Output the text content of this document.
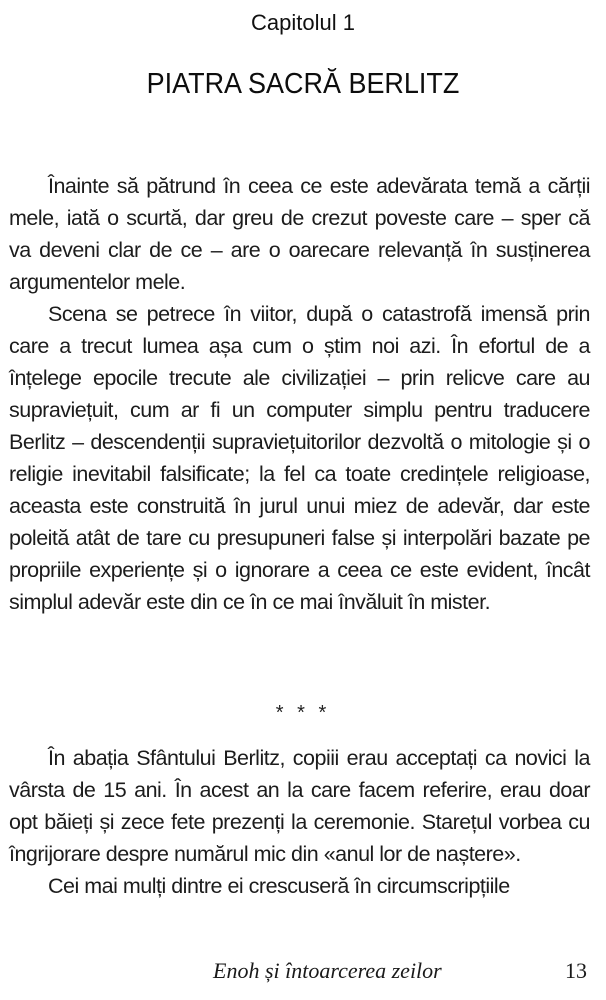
Capitolul 1
PIATRA SACRĂ BERLITZ

Înainte să pătrund în ceea ce este adevărata temă a cărții mele, iată o scurtă, dar greu de crezut poveste care – sper că va deveni clar de ce – are o oarecare relevanță în susținerea argumentelor mele.

Scena se petrece în viitor, după o catastrofă imensă prin care a trecut lumea așa cum o știm noi azi. În efortul de a înțelege epocile trecute ale civilizației – prin relicve care au supraviețuit, cum ar fi un computer simplu pentru traducere Berlitz – descendenții supraviețuitorilor dezvoltă o mitologie și o religie inevitabil falsificate; la fel ca toate credințele religioase, aceasta este construită în jurul unui miez de adevăr, dar este poleită atât de tare cu presupuneri false și interpolări bazate pe propriile experiențe și o ignorare a ceea ce este evident, încât simplul adevăr este din ce în ce mai învăluit în mister.

* * *

În abația Sfântului Berlitz, copiii erau acceptați ca novici la vârsta de 15 ani. În acest an la care facem referire, erau doar opt băieți și zece fete prezenți la ceremonie. Starețul vorbea cu îngrijorare despre numărul mic din «anul lor de naștere».

Cei mai mulți dintre ei crescuseră în circumscripțiile

Enoh și întoarcerea zeilor	13
